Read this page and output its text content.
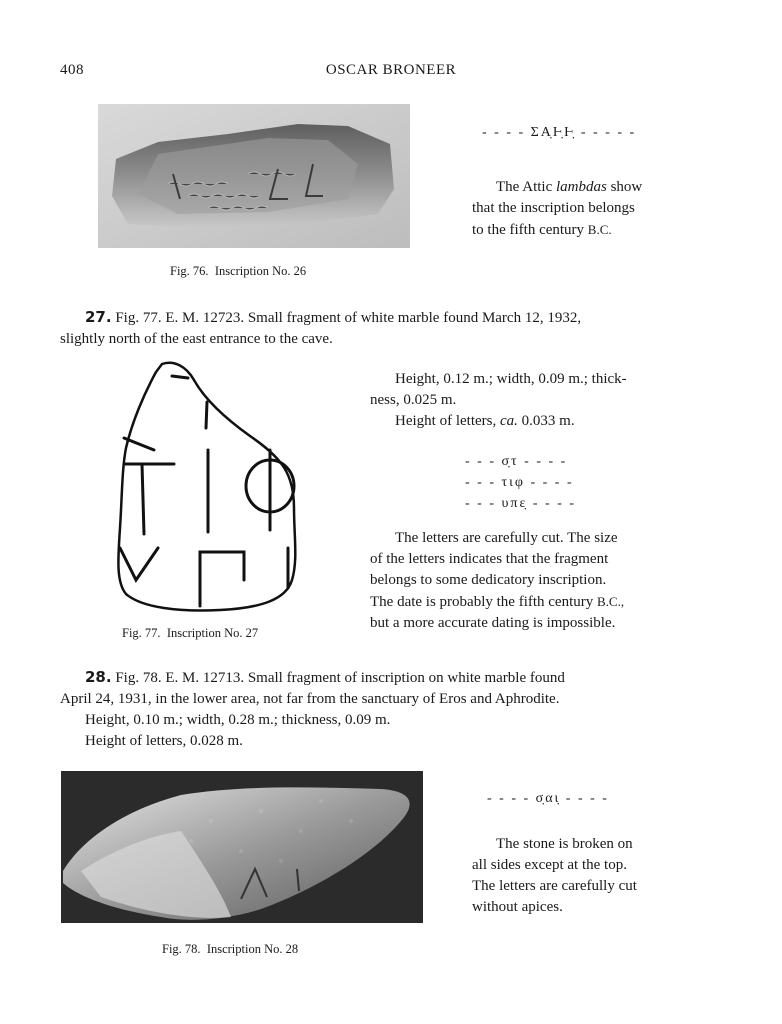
408	OSCAR BRONEER
Fig. 76. Inscription No. 26
- - - - ΣΑ̣Ⱶ̣Ⱶ̣ - - - - -
The Attic lambdas show
that the inscription belongs
to the fifth century B.C.
27. Fig. 77. E. M. 12723. Small fragment of white marble found March 12, 1932,
slightly north of the east entrance to the cave.
Fig. 77. Inscription No. 27
Height, 0.12 m.; width, 0.09 m.; thick-
ness, 0.025 m.
Height of letters, ca. 0.033 m.
- - - σ̣τ - - - -
- - - τιφ - - - -
- - - υπε̣ - - - -
The letters are carefully cut. The size
of the letters indicates that the fragment
belongs to some dedicatory inscription.
The date is probably the fifth century B.C.,
but a more accurate dating is impossible.
28. Fig. 78. E. M. 12713. Small fragment of inscription on white marble found
April 24, 1931, in the lower area, not far from the sanctuary of Eros and Aphrodite.
Height, 0.10 m.; width, 0.28 m.; thickness, 0.09 m.
Height of letters, 0.028 m.
Fig. 78. Inscription No. 28
- - - - σ̣αι̣ - - - -
The stone is broken on
all sides except at the top.
The letters are carefully cut
without apices.
